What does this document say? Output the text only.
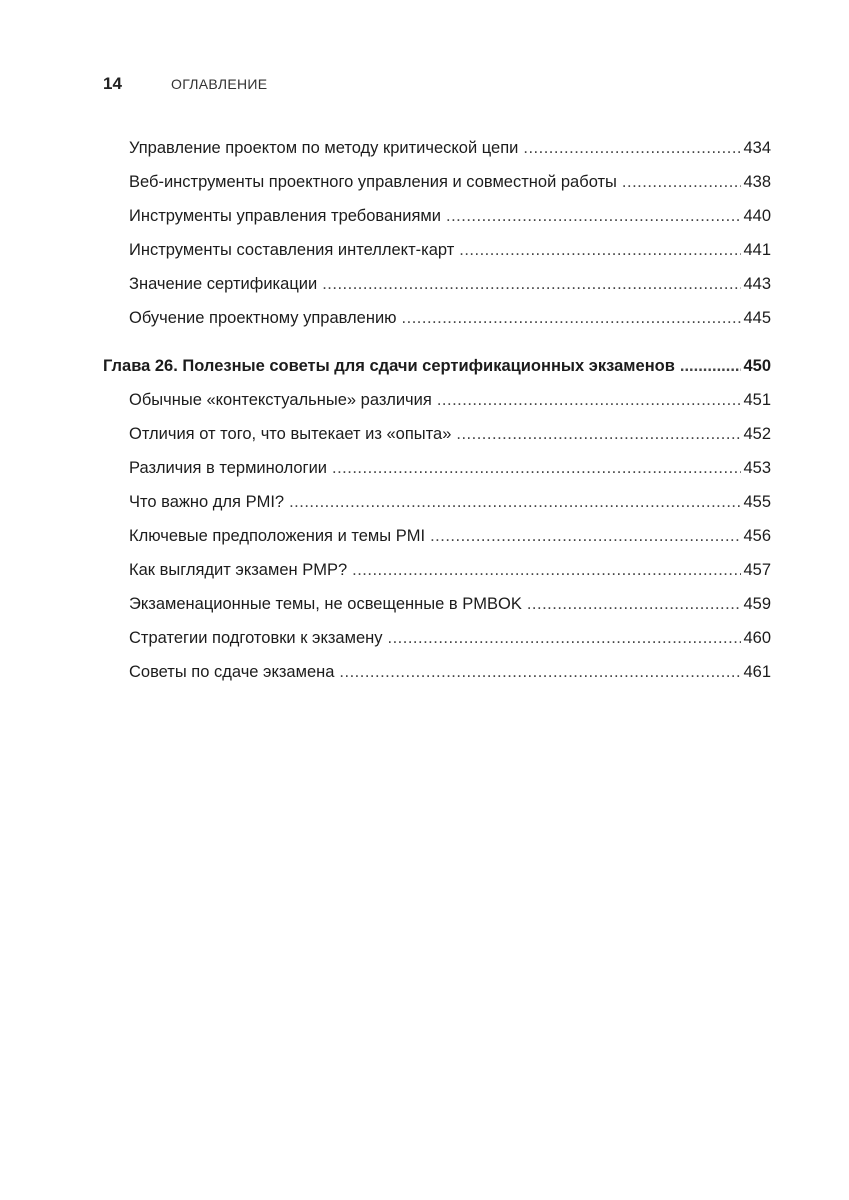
14	ОГЛАВЛЕНИЕ
Управление проектом по методу критической цепи .....	434
Веб-инструменты проектного управления и совместной работы .....	438
Инструменты управления требованиями .....	440
Инструменты составления интеллект-карт .....	441
Значение сертификации .....	443
Обучение проектному управлению .....	445
Глава 26. Полезные советы для сдачи сертификационных экзаменов .....	450
Обычные «контекстуальные» различия .....	451
Отличия от того, что вытекает из «опыта» .....	452
Различия в терминологии .....	453
Что важно для PMI? .....	455
Ключевые предположения и темы PMI .....	456
Как выглядит экзамен PMP? .....	457
Экзаменационные темы, не освещенные в PMBOK .....	459
Стратегии подготовки к экзамену .....	460
Советы по сдаче экзамена .....	461
